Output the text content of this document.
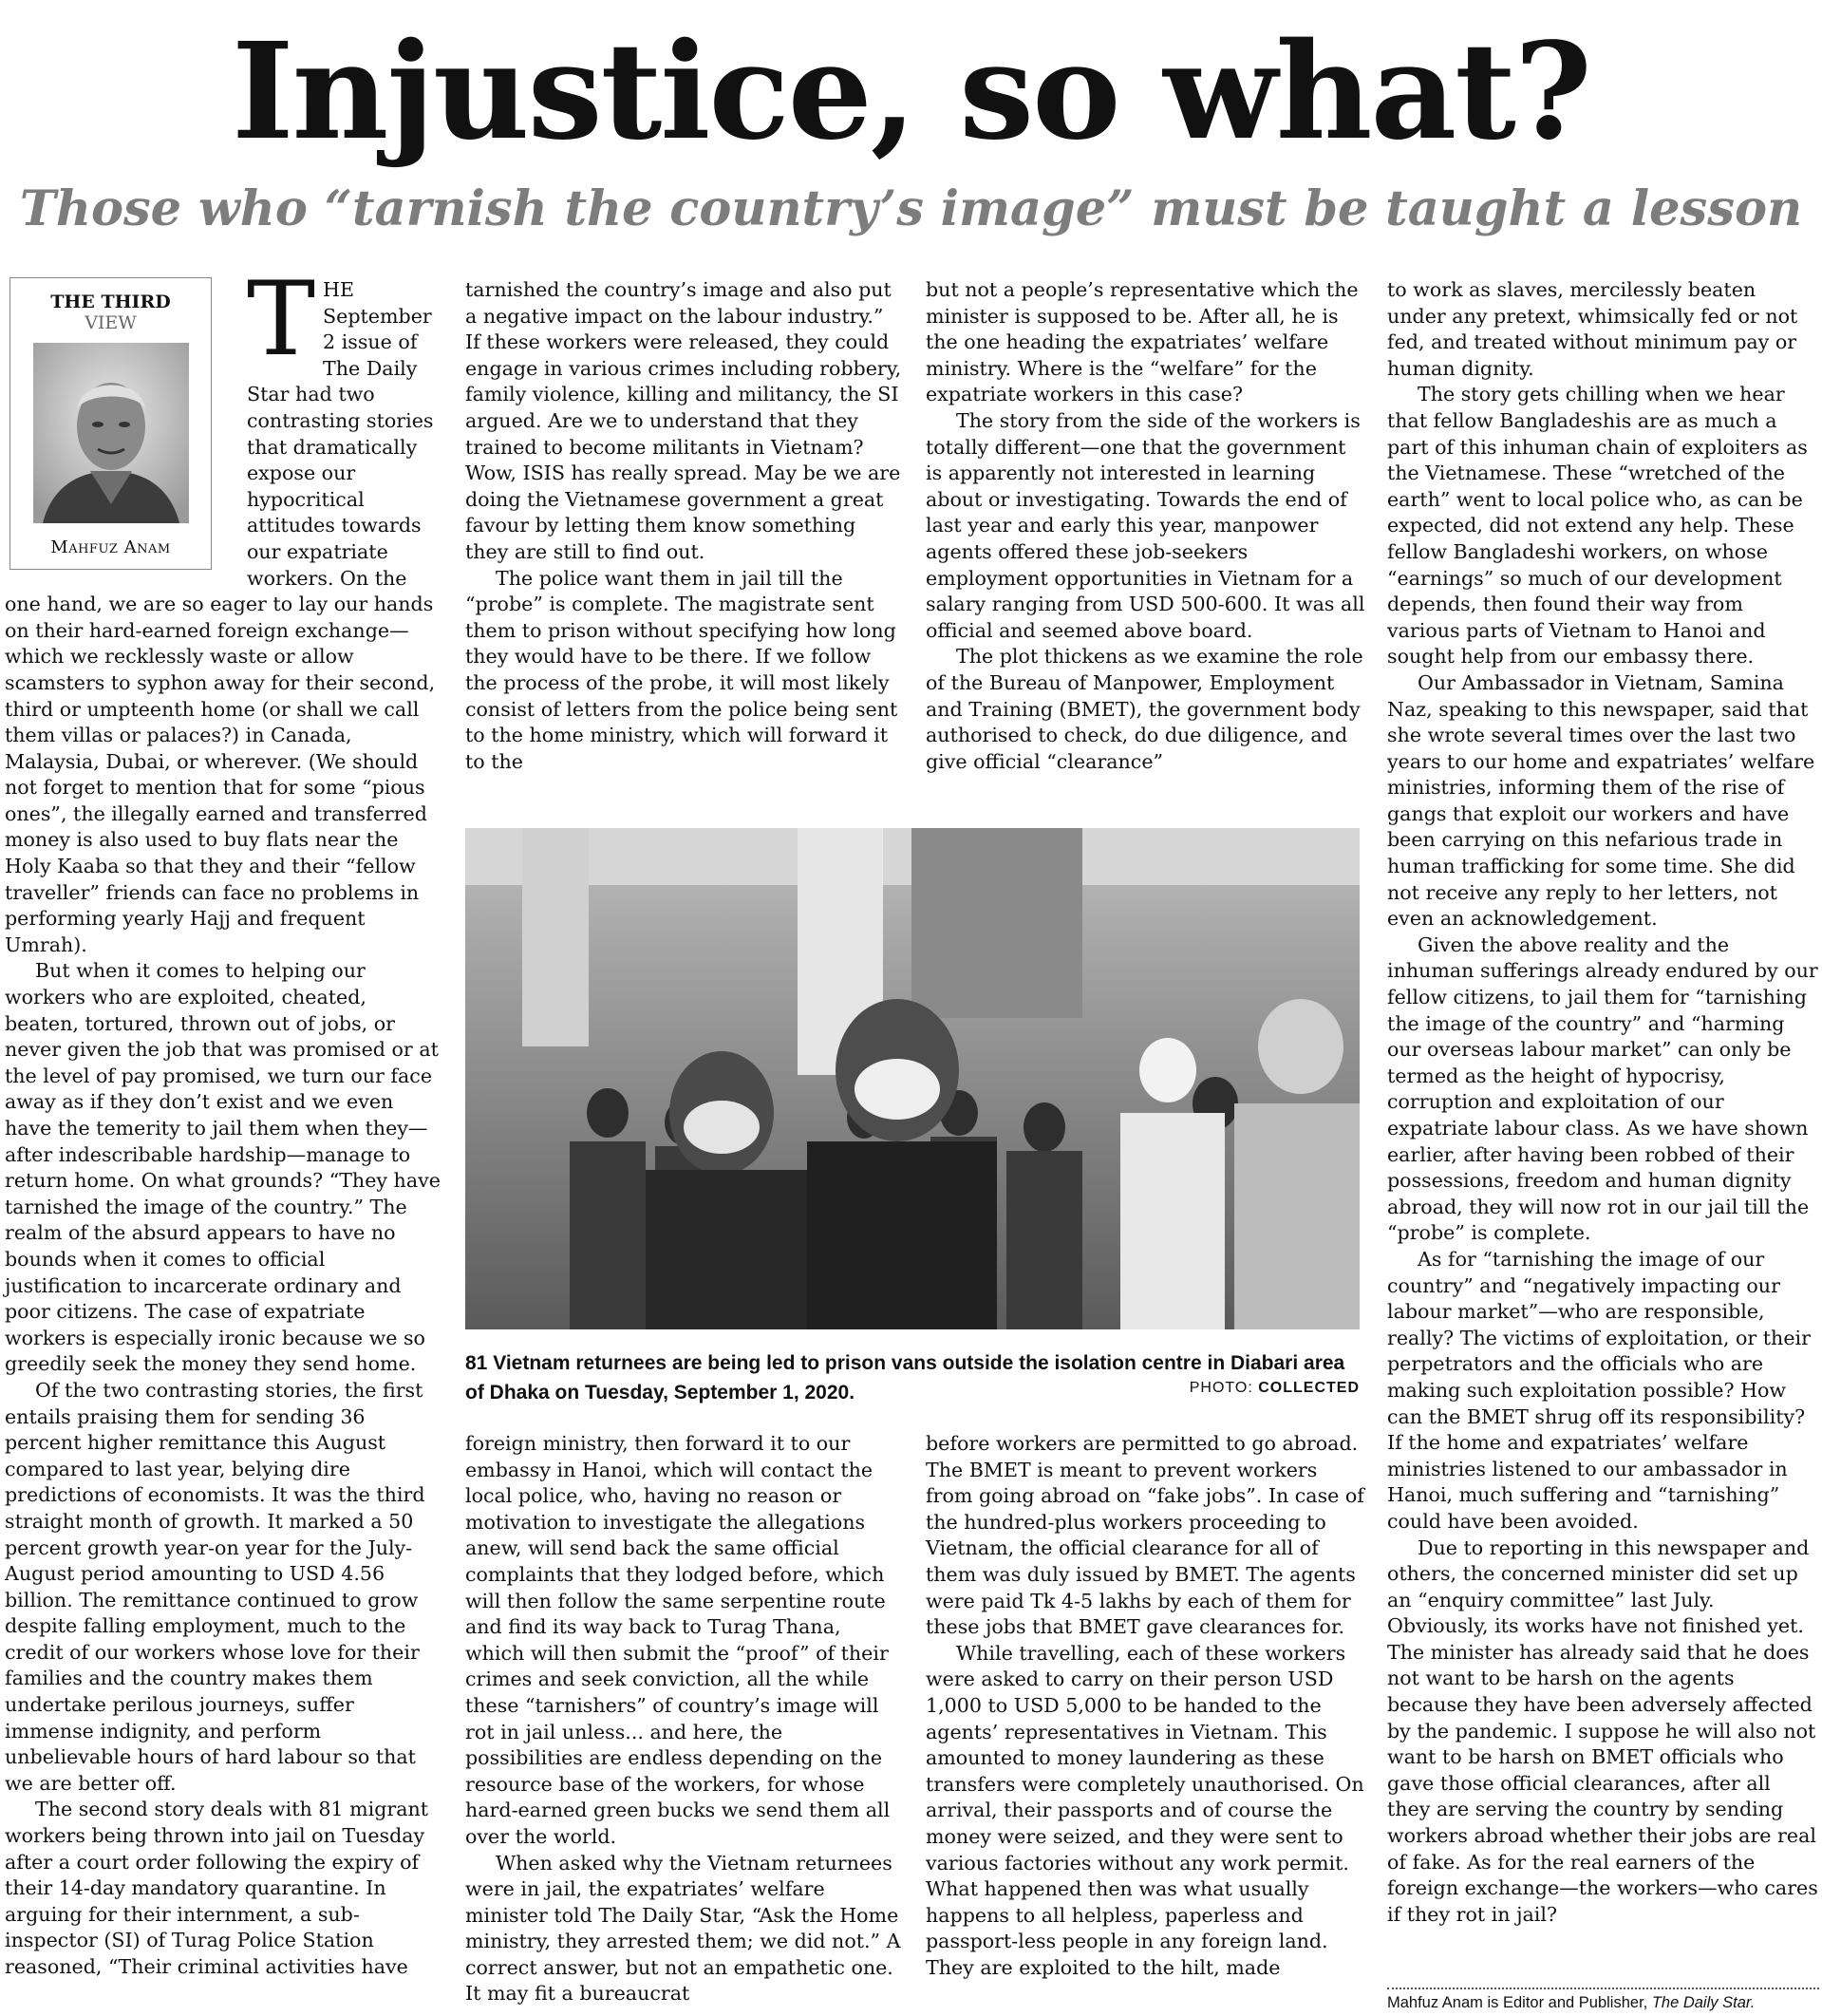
Injustice, so what?
Those who “tarnish the country’s image” must be taught a lesson
THE THIRD
VIEW
Mahfuz Anam

THE September 2 issue of The Daily Star had two contrasting stories that dramatically expose our hypocritical attitudes towards our expatriate workers. On the one hand, we are so eager to lay our hands on their hard-earned foreign exchange—which we recklessly waste or allow scamsters to syphon away for their second, third or umpteenth home (or shall we call them villas or palaces?) in Canada, Malaysia, Dubai, or wherever. (We should not forget to mention that for some “pious ones”, the illegally earned and transferred money is also used to buy flats near the Holy Kaaba so that they and their “fellow traveller” friends can face no problems in performing yearly Hajj and frequent Umrah).

But when it comes to helping our workers who are exploited, cheated, beaten, tortured, thrown out of jobs, or never given the job that was promised or at the level of pay promised, we turn our face away as if they don’t exist and we even have the temerity to jail them when they—after indescribable hardship—manage to return home. On what grounds? “They have tarnished the image of the country.” The realm of the absurd appears to have no bounds when it comes to official justification to incarcerate ordinary and poor citizens. The case of expatriate workers is especially ironic because we so greedily seek the money they send home.

Of the two contrasting stories, the first entails praising them for sending 36 percent higher remittance this August compared to last year, belying dire predictions of economists. It was the third straight month of growth. It marked a 50 percent growth year-on year for the July-August period amounting to USD 4.56 billion. The remittance continued to grow despite falling employment, much to the credit of our workers whose love for their families and the country makes them undertake perilous journeys, suffer immense indignity, and perform unbelievable hours of hard labour so that we are better off.

The second story deals with 81 migrant workers being thrown into jail on Tuesday after a court order following the expiry of their 14-day mandatory quarantine. In arguing for their internment, a sub-inspector (SI) of Turag Police Station reasoned, “Their criminal activities have

tarnished the country’s image and also put a negative impact on the labour industry.” If these workers were released, they could engage in various crimes including robbery, family violence, killing and militancy, the SI argued. Are we to understand that they trained to become militants in Vietnam? Wow, ISIS has really spread. May be we are doing the Vietnamese government a great favour by letting them know something they are still to find out.

The police want them in jail till the “probe” is complete. The magistrate sent them to prison without specifying how long they would have to be there. If we follow the process of the probe, it will most likely consist of letters from the police being sent to the home ministry, which will forward it to the

but not a people’s representative which the minister is supposed to be. After all, he is the one heading the expatriates’ welfare ministry. Where is the “welfare” for the expatriate workers in this case?

The story from the side of the workers is totally different—one that the government is apparently not interested in learning about or investigating. Towards the end of last year and early this year, manpower agents offered these job-seekers employment opportunities in Vietnam for a salary ranging from USD 500-600. It was all official and seemed above board.

The plot thickens as we examine the role of the Bureau of Manpower, Employment and Training (BMET), the government body authorised to check, do due diligence, and give official “clearance”

81 Vietnam returnees are being led to prison vans outside the isolation centre in Diabari area of Dhaka on Tuesday, September 1, 2020.	PHOTO: COLLECTED

foreign ministry, then forward it to our embassy in Hanoi, which will contact the local police, who, having no reason or motivation to investigate the allegations anew, will send back the same official complaints that they lodged before, which will then follow the same serpentine route and find its way back to Turag Thana, which will then submit the “proof” of their crimes and seek conviction, all the while these “tarnishers” of country’s image will rot in jail unless... and here, the possibilities are endless depending on the resource base of the workers, for whose hard-earned green bucks we send them all over the world.

When asked why the Vietnam returnees were in jail, the expatriates’ welfare minister told The Daily Star, “Ask the Home ministry, they arrested them; we did not.” A correct answer, but not an empathetic one. It may fit a bureaucrat

before workers are permitted to go abroad. The BMET is meant to prevent workers from going abroad on “fake jobs”. In case of the hundred-plus workers proceeding to Vietnam, the official clearance for all of them was duly issued by BMET. The agents were paid Tk 4-5 lakhs by each of them for these jobs that BMET gave clearances for.

While travelling, each of these workers were asked to carry on their person USD 1,000 to USD 5,000 to be handed to the agents’ representatives in Vietnam. This amounted to money laundering as these transfers were completely unauthorised. On arrival, their passports and of course the money were seized, and they were sent to various factories without any work permit. What happened then was what usually happens to all helpless, paperless and passport-less people in any foreign land. They are exploited to the hilt, made

to work as slaves, mercilessly beaten under any pretext, whimsically fed or not fed, and treated without minimum pay or human dignity.

The story gets chilling when we hear that fellow Bangladeshis are as much a part of this inhuman chain of exploiters as the Vietnamese. These “wretched of the earth” went to local police who, as can be expected, did not extend any help. These fellow Bangladeshi workers, on whose “earnings” so much of our development depends, then found their way from various parts of Vietnam to Hanoi and sought help from our embassy there.

Our Ambassador in Vietnam, Samina Naz, speaking to this newspaper, said that she wrote several times over the last two years to our home and expatriates’ welfare ministries, informing them of the rise of gangs that exploit our workers and have been carrying on this nefarious trade in human trafficking for some time. She did not receive any reply to her letters, not even an acknowledgement.

Given the above reality and the inhuman sufferings already endured by our fellow citizens, to jail them for “tarnishing the image of the country” and “harming our overseas labour market” can only be termed as the height of hypocrisy, corruption and exploitation of our expatriate labour class. As we have shown earlier, after having been robbed of their possessions, freedom and human dignity abroad, they will now rot in our jail till the “probe” is complete.

As for “tarnishing the image of our country” and “negatively impacting our labour market”—who are responsible, really? The victims of exploitation, or their perpetrators and the officials who are making such exploitation possible? How can the BMET shrug off its responsibility? If the home and expatriates’ welfare ministries listened to our ambassador in Hanoi, much suffering and “tarnishing” could have been avoided.

Due to reporting in this newspaper and others, the concerned minister did set up an “enquiry committee” last July. Obviously, its works have not finished yet. The minister has already said that he does not want to be harsh on the agents because they have been adversely affected by the pandemic. I suppose he will also not want to be harsh on BMET officials who gave those official clearances, after all they are serving the country by sending workers abroad whether their jobs are real of fake. As for the real earners of the foreign exchange—the workers—who cares if they rot in jail?

Mahfuz Anam is Editor and Publisher, The Daily Star.
